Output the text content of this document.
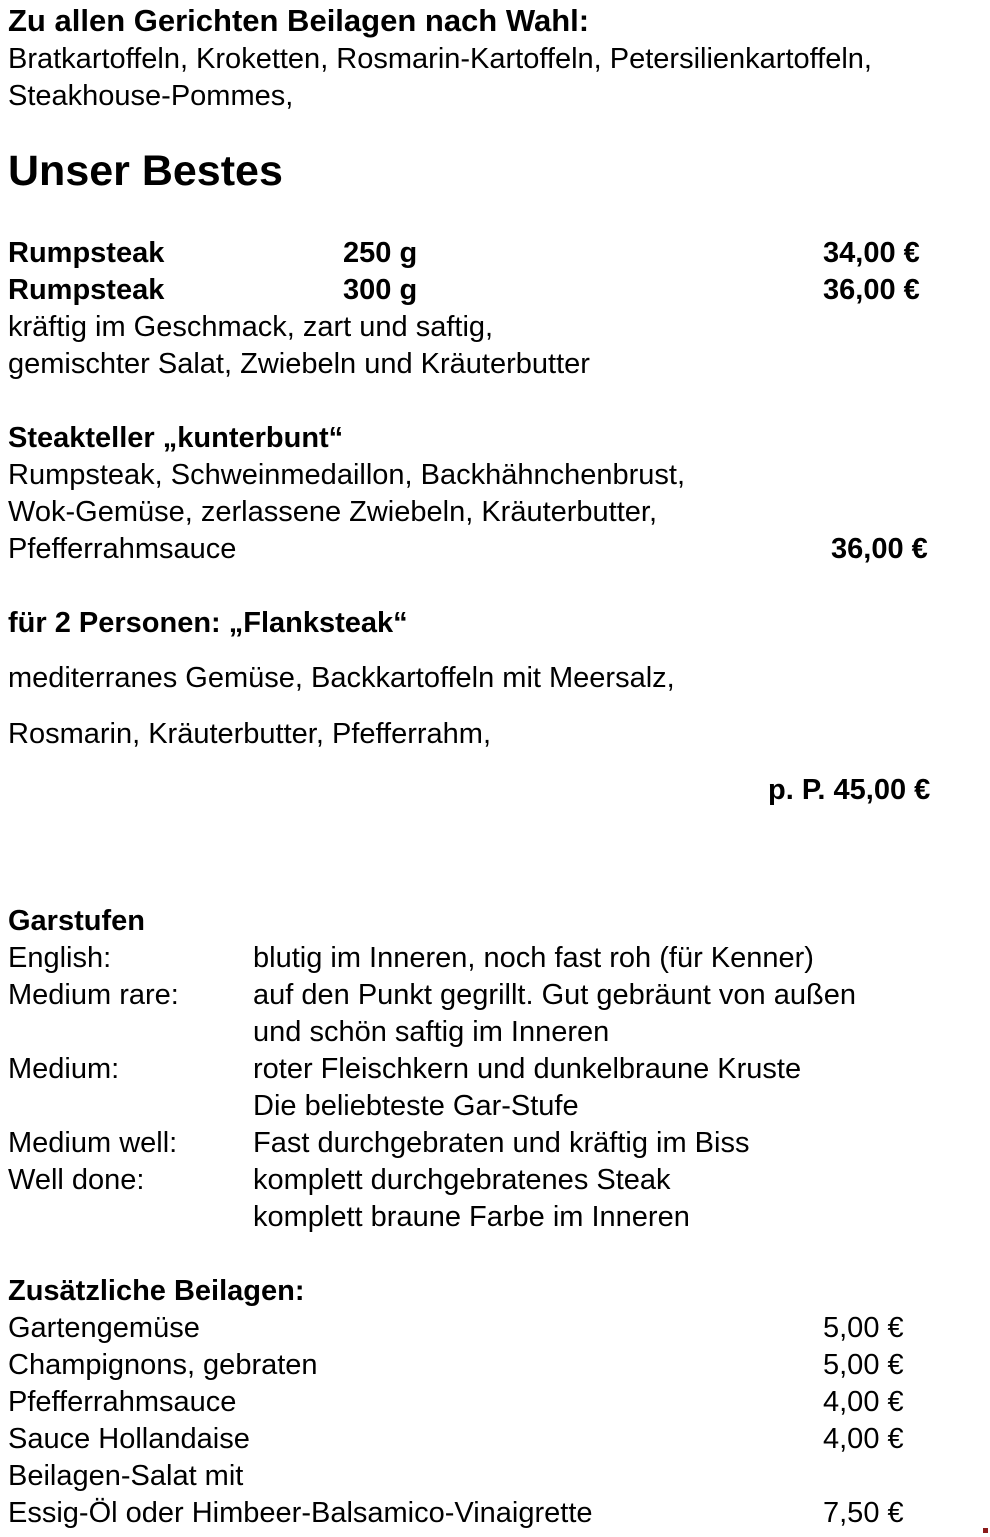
Zu allen Gerichten Beilagen nach Wahl:
Bratkartoffeln, Kroketten, Rosmarin-Kartoffeln, Petersilienkartoffeln,
Steakhouse-Pommes,
Unser Bestes
Rumpsteak	250 g	34,00 €
Rumpsteak	300 g	36,00 €
kräftig im Geschmack, zart und saftig,
gemischter Salat, Zwiebeln und Kräuterbutter
Steakteller „kunterbunt“
Rumpsteak, Schweinmedaillon, Backhähnchenbrust,
Wok-Gemüse, zerlassene Zwiebeln, Kräuterbutter,
Pfefferrahmsauce	36,00 €
für 2 Personen: „Flanksteak“
mediterranes Gemüse, Backkartoffeln mit Meersalz,
Rosmarin, Kräuterbutter, Pfefferrahm,
p. P. 45,00 €
Garstufen
English:	blutig im Inneren, noch fast roh (für Kenner)
Medium rare:	auf den Punkt gegrillt. Gut gebräunt von außen
und schön saftig im Inneren
Medium:	roter Fleischkern und dunkelbraune Kruste
Die beliebteste Gar-Stufe
Medium well:	Fast durchgebraten und kräftig im Biss
Well done:	komplett durchgebratenes Steak
komplett braune Farbe im Inneren
Zusätzliche Beilagen:
Gartengemüse	5,00 €
Champignons, gebraten	5,00 €
Pfefferrahmsauce	4,00 €
Sauce Hollandaise	4,00 €
Beilagen-Salat mit
Essig-Öl oder Himbeer-Balsamico-Vinaigrette	7,50 €
